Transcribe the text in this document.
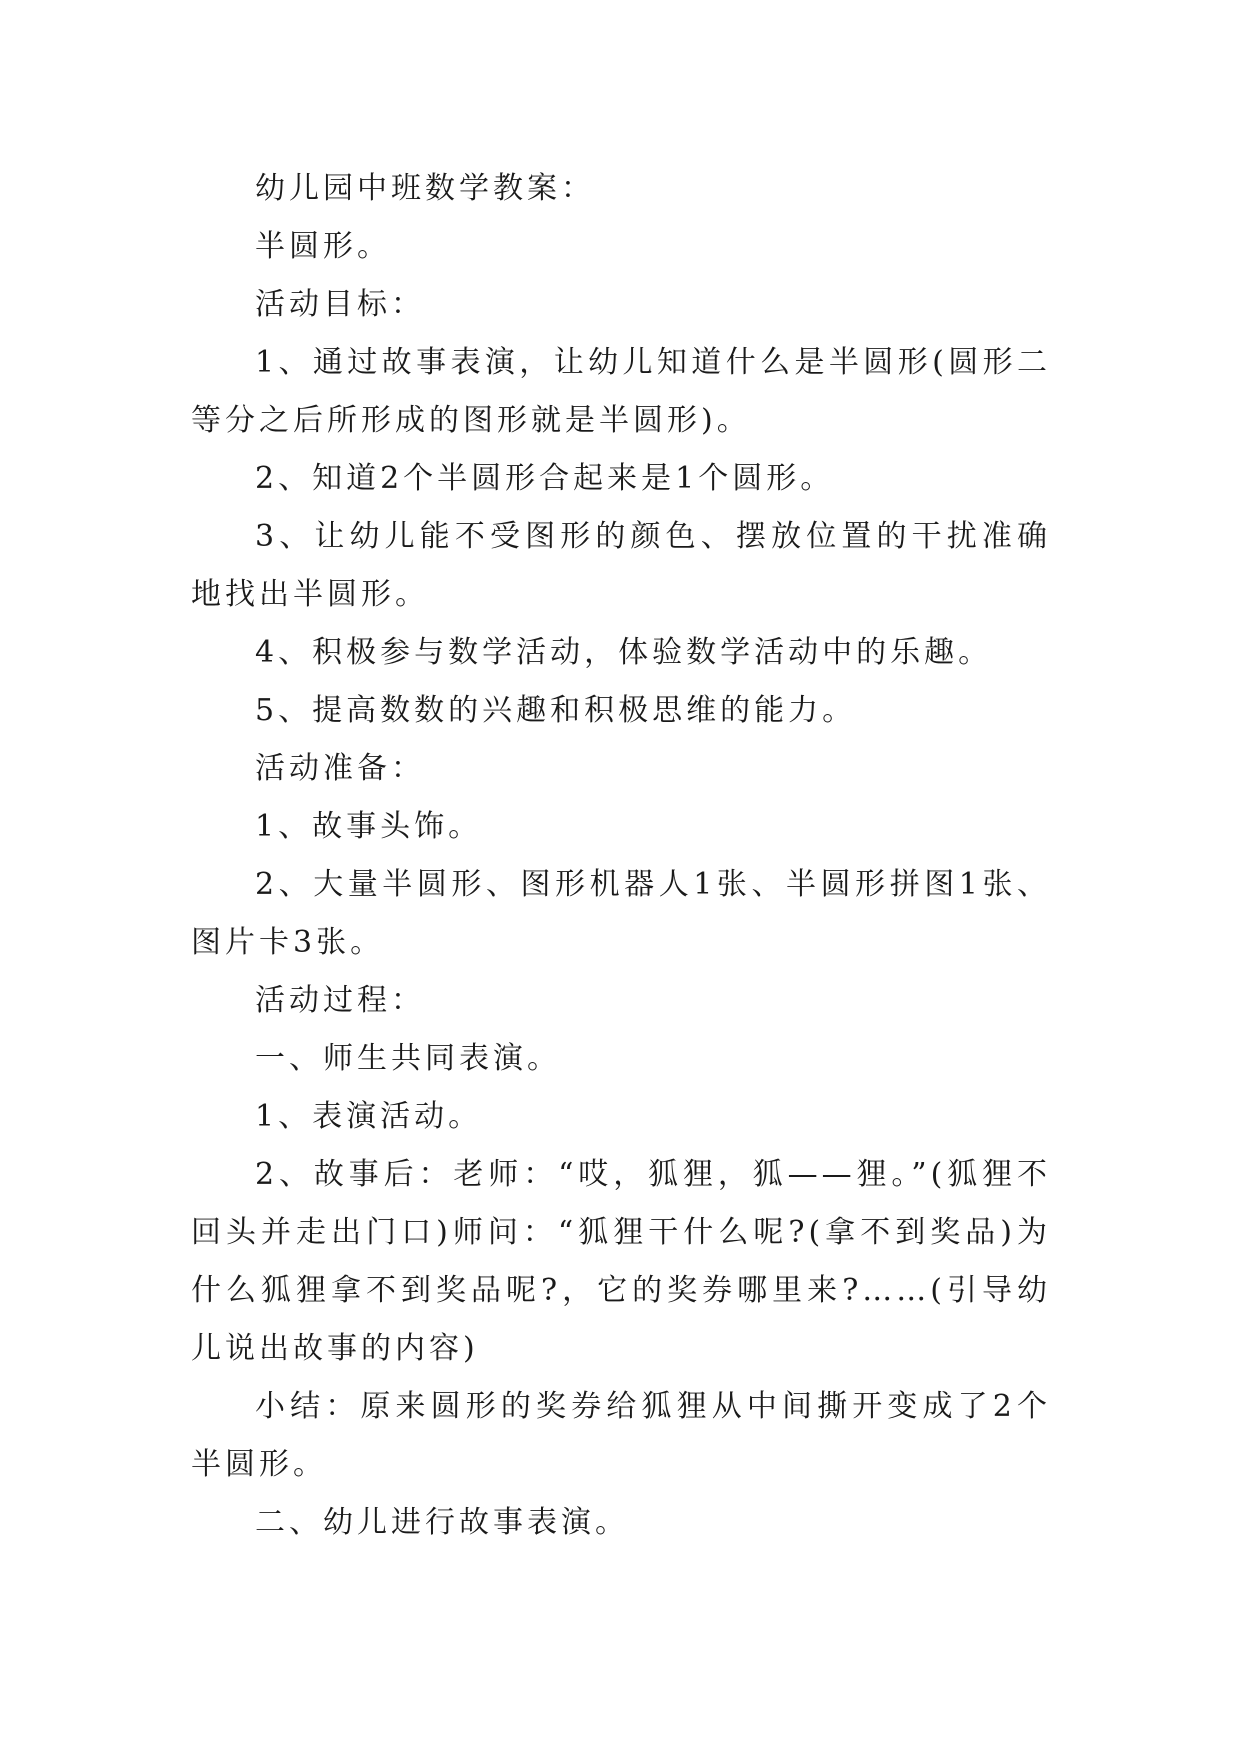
幼儿园中班数学教案：

半圆形。

活动目标：

1、通过故事表演，让幼儿知道什么是半圆形(圆形二等分之后所形成的图形就是半圆形)。

2、知道2个半圆形合起来是1个圆形。

3、让幼儿能不受图形的颜色、摆放位置的干扰准确地找出半圆形。

4、积极参与数学活动，体验数学活动中的乐趣。

5、提高数数的兴趣和积极思维的能力。

活动准备：

1、故事头饰。

2、大量半圆形、图形机器人1张、半圆形拼图1张、图片卡3张。

活动过程：

一、师生共同表演。

1、表演活动。

2、故事后：老师：“哎，狐狸，狐——狸。”(狐狸不回头并走出门口)师问：“狐狸干什么呢?(拿不到奖品)为什么狐狸拿不到奖品呢?，它的奖券哪里来?……(引导幼儿说出故事的内容)

小结：原来圆形的奖券给狐狸从中间撕开变成了2个半圆形。

二、幼儿进行故事表演。
